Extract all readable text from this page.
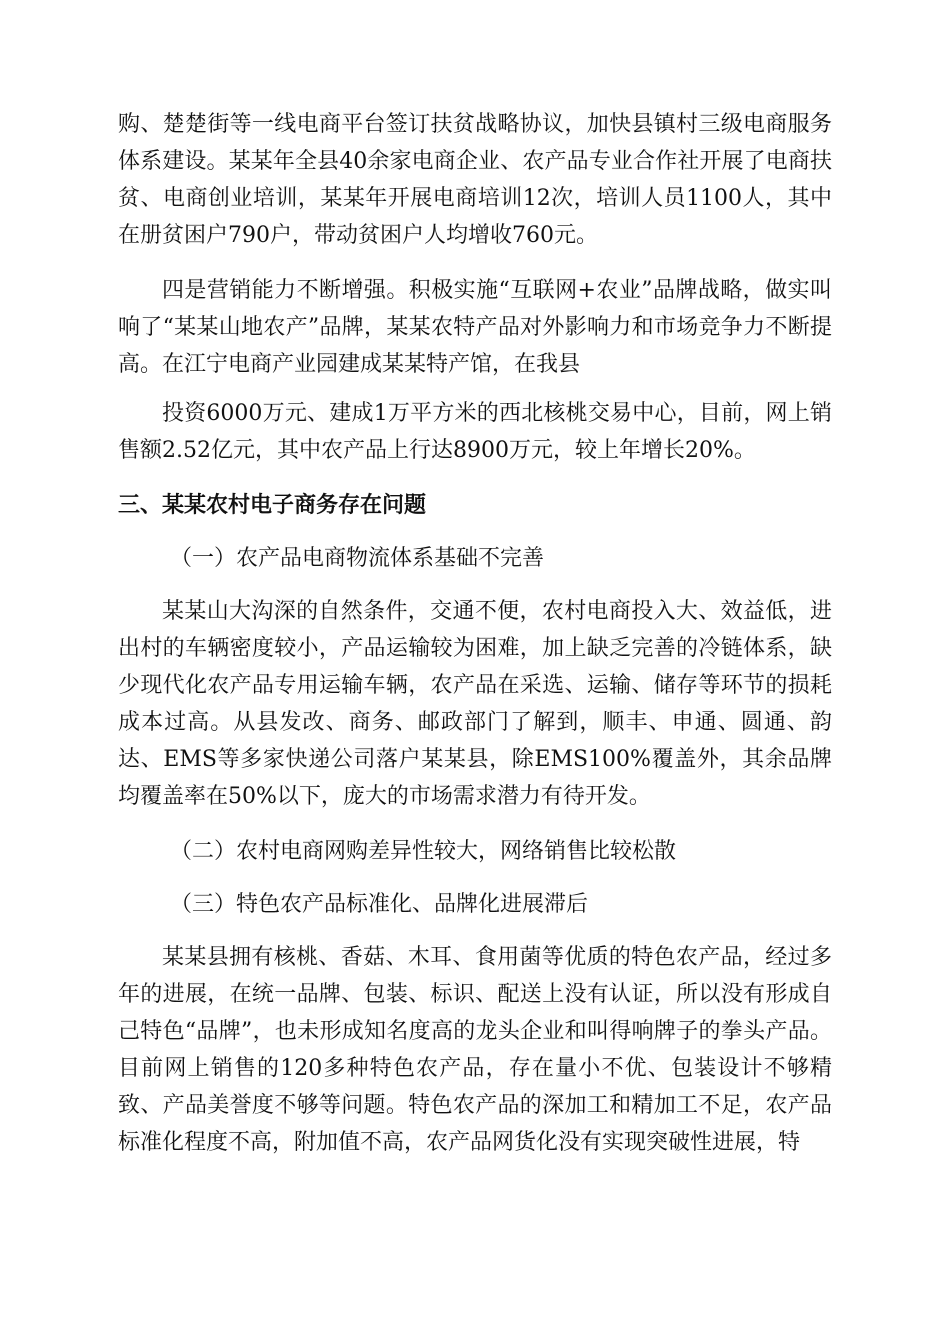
购、楚楚街等一线电商平台签订扶贫战略协议，加快县镇村三级电商服务体系建设。某某年全县40余家电商企业、农产品专业合作社开展了电商扶贫、电商创业培训，某某年开展电商培训12次，培训人员1100人，其中在册贫困户790户，带动贫困户人均增收760元。

四是营销能力不断增强。积极实施“互联网+农业”品牌战略，做实叫响了“某某山地农产”品牌，某某农特产品对外影响力和市场竞争力不断提高。在江宁电商产业园建成某某特产馆，在我县

投资6000万元、建成1万平方米的西北核桃交易中心，目前，网上销售额2.52亿元，其中农产品上行达8900万元，较上年增长20%。

三、某某农村电子商务存在问题

（一）农产品电商物流体系基础不完善

某某山大沟深的自然条件，交通不便，农村电商投入大、效益低，进出村的车辆密度较小，产品运输较为困难，加上缺乏完善的冷链体系，缺少现代化农产品专用运输车辆，农产品在采选、运输、储存等环节的损耗成本过高。从县发改、商务、邮政部门了解到，顺丰、申通、圆通、韵达、EMS等多家快递公司落户某某县，除EMS100%覆盖外，其余品牌均覆盖率在50%以下，庞大的市场需求潜力有待开发。

（二）农村电商网购差异性较大，网络销售比较松散

（三）特色农产品标准化、品牌化进展滞后

某某县拥有核桃、香菇、木耳、食用菌等优质的特色农产品，经过多年的进展，在统一品牌、包装、标识、配送上没有认证，所以没有形成自己特色“品牌”，也未形成知名度高的龙头企业和叫得响牌子的拳头产品。目前网上销售的120多种特色农产品，存在量小不优、包装设计不够精致、产品美誉度不够等问题。特色农产品的深加工和精加工不足，农产品标准化程度不高，附加值不高，农产品网货化没有实现突破性进展，特
